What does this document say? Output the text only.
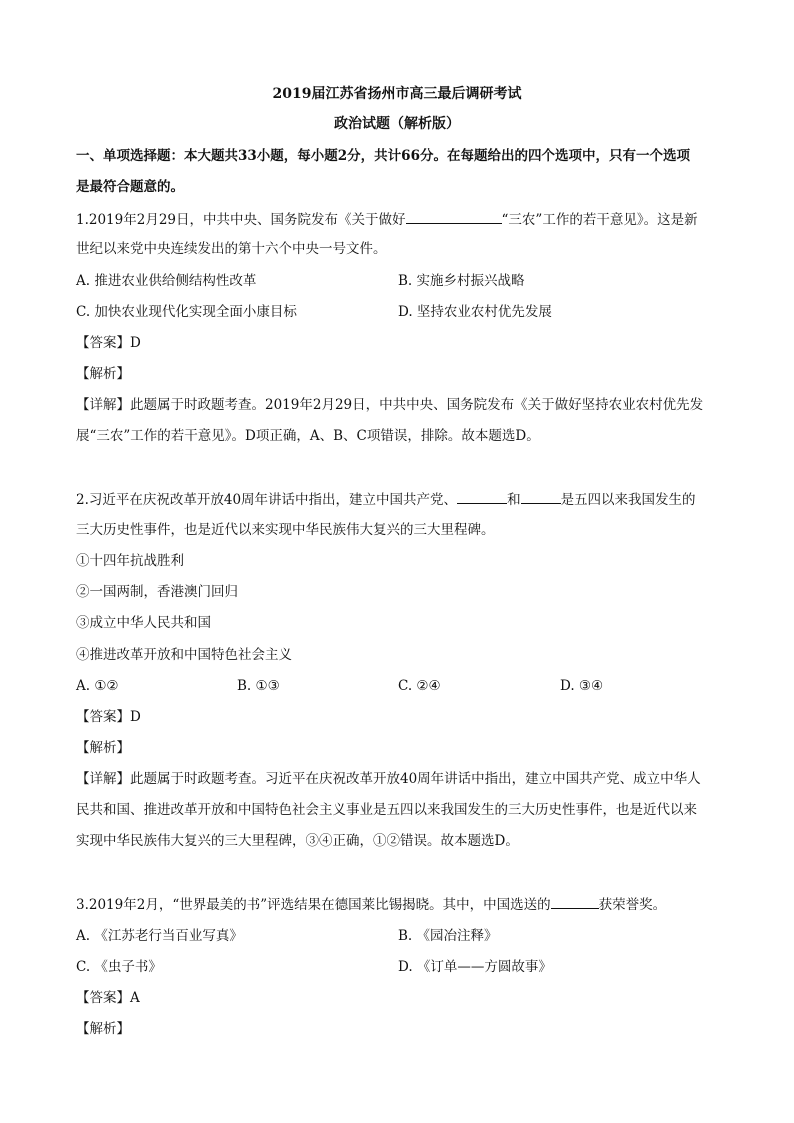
2019届江苏省扬州市高三最后调研考试
政治试题（解析版）
一、单项选择题：本大题共33小题，每小题2分，共计66分。在每题给出的四个选项中，只有一个选项
是最符合题意的。
1.2019年2月29日，中共中央、国务院发布《关于做好	“三农”工作的若干意见》。这是新
世纪以来党中央连续发出的第十六个中央一号文件。
A. 推进农业供给侧结构性改革	B. 实施乡村振兴战略
C. 加快农业现代化实现全面小康目标	D. 坚持农业农村优先发展
【答案】D
【解析】
【详解】此题属于时政题考查。2019年2月29日，中共中央、国务院发布《关于做好坚持农业农村优先发
展“三农”工作的若干意见》。D项正确，A、B、C项错误，排除。故本题选D。
2.习近平在庆祝改革开放40周年讲话中指出，建立中国共产党、	和	是五四以来我国发生的
三大历史性事件，也是近代以来实现中华民族伟大复兴的三大里程碑。
①十四年抗战胜利
②一国两制，香港澳门回归
③成立中华人民共和国
④推进改革开放和中国特色社会主义
A. ①②	B. ①③	C. ②④	D. ③④
【答案】D
【解析】
【详解】此题属于时政题考查。习近平在庆祝改革开放40周年讲话中指出，建立中国共产党、成立中华人
民共和国、推进改革开放和中国特色社会主义事业是五四以来我国发生的三大历史性事件，也是近代以来
实现中华民族伟大复兴的三大里程碑，③④正确，①②错误。故本题选D。
3.2019年2月，“世界最美的书”评选结果在德国莱比锡揭晓。其中，中国选送的	获荣誉奖。
A. 《江苏老行当百业写真》	B. 《园冶注释》
C. 《虫子书》	D. 《订单——方圆故事》
【答案】A
【解析】
